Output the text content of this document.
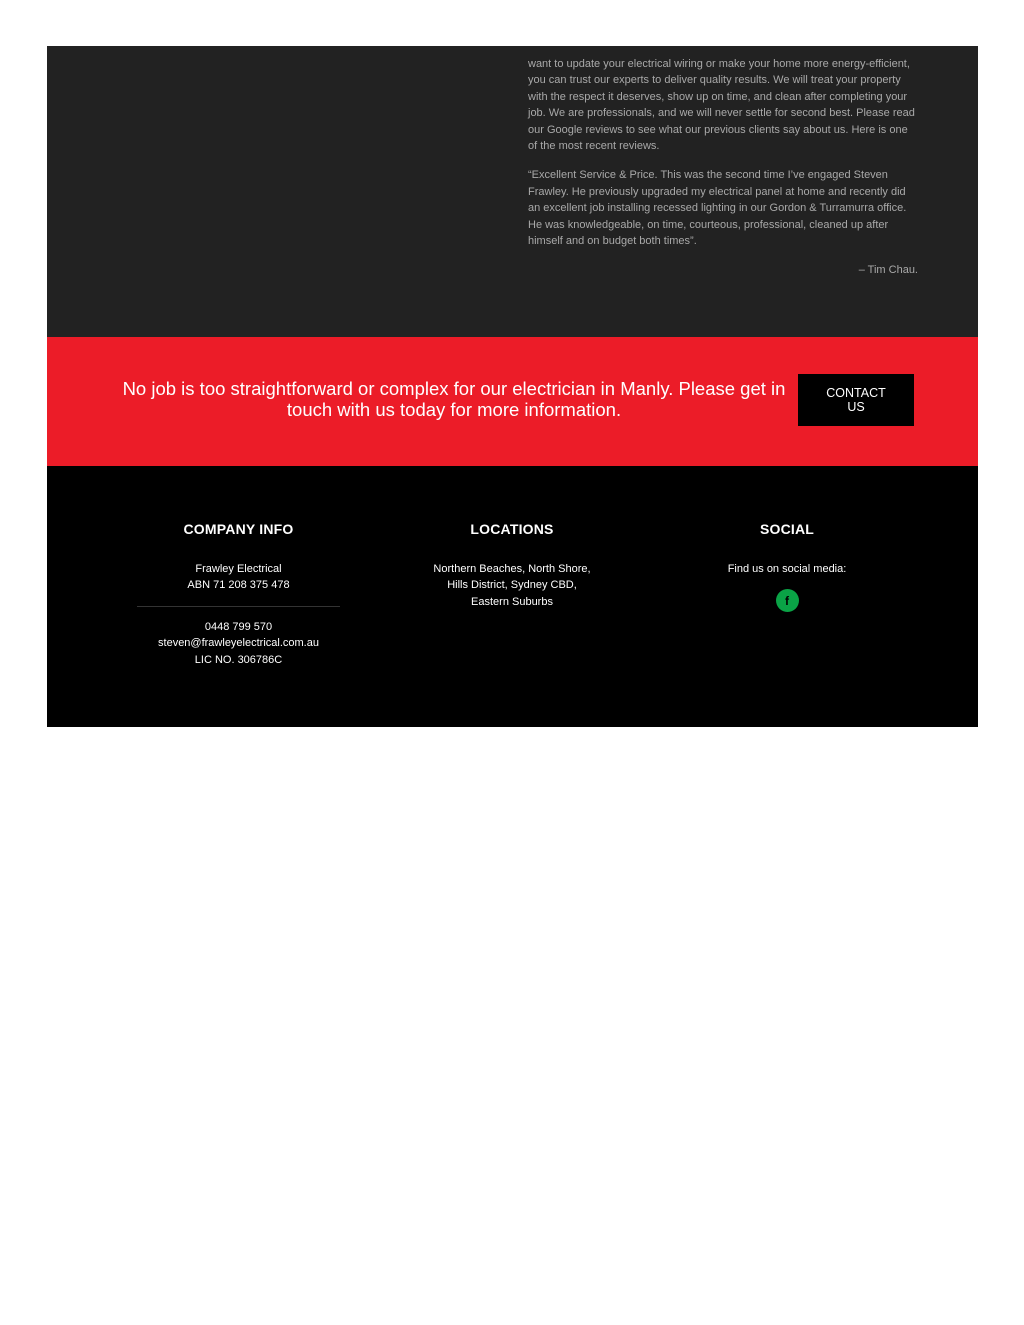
want to update your electrical wiring or make your home more energy-efficient, you can trust our experts to deliver quality results. We will treat your property with the respect it deserves, show up on time, and clean after completing your job. We are professionals, and we will never settle for second best. Please read our Google reviews to see what our previous clients say about us. Here is one of the most recent reviews.

“Excellent Service & Price. This was the second time I’ve engaged Steven Frawley. He previously upgraded my electrical panel at home and recently did an excellent job installing recessed lighting in our Gordon & Turramurra office. He was knowledgeable, on time, courteous, professional, cleaned up after himself and on budget both times”.

– Tim Chau.

No job is too straightforward or complex for our electrician in Manly. Please get in touch with us today for more information.
CONTACT US
COMPANY INFO

Frawley Electrical

ABN 71 208 375 478

0448 799 570

steven@frawleyelectrical.com.au

LIC NO. 306786C

LOCATIONS

Northern Beaches, North Shore, Hills District, Sydney CBD, Eastern Suburbs

SOCIAL

Find us on social media:

f
